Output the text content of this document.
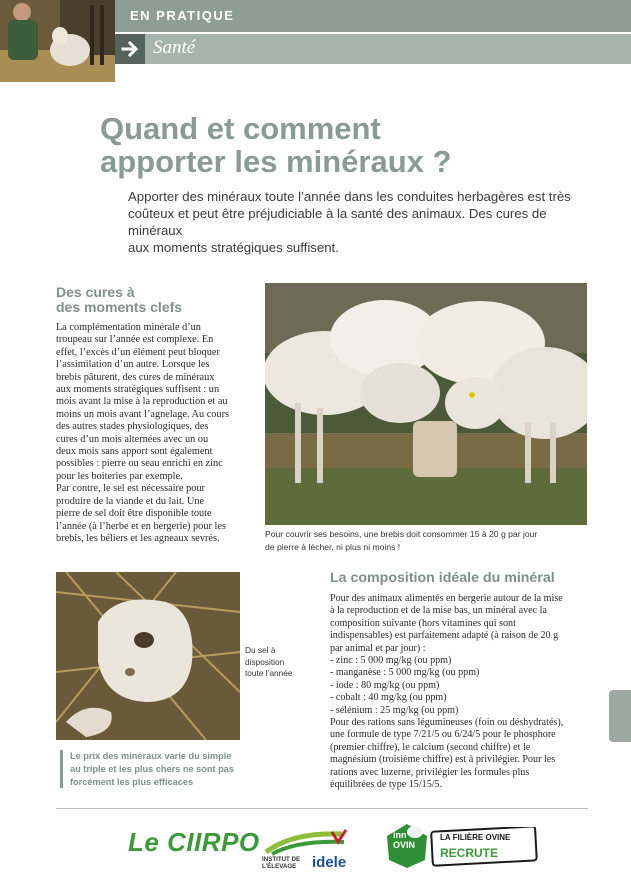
EN PRATIQUE
Santé
Quand et comment
apporter les minéraux ?
Apporter des minéraux toute l’année dans les conduites herbagères est très
coûteux et peut être préjudiciable à la santé des animaux. Des cures de minéraux
aux moments stratégiques suffisent.
Des cures à
des moments clefs
La complémentation minérale d’un
troupeau sur l’année est complexe. En
effet, l’excès d’un élément peut bloquer
l’assimilation d’un autre. Lorsque les
brebis pâturent, des cures de minéraux
aux moments stratégiques suffisent : un
mois avant la mise à la reproduction et au
moins un mois avant l’agnelage. Au cours
des autres stades physiologiques, des
cures d’un mois alternées avec un ou
deux mois sans apport sont également
possibles : pierre ou seau enrichi en zinc
pour les boiteries par exemple.
Par contre, le sel est nécessaire pour
produire de la viande et du lait. Une
pierre de sel doit être disponible toute
l’année (à l’herbe et en bergerie) pour les
brebis, les béliers et les agneaux sevrés.	Pour couvrir ses besoins, une brebis doit consommer 15 à 20 g par jour
de pierre à lécher, ni plus ni moins !
Du sel à
disposition
toute l’année
Le prix des minéraux varie du simple
au triple et les plus chers ne sont pas
forcément les plus efficaces
La composition idéale du minéral
Pour des animaux alimentés en bergerie autour de la mise
à la reproduction et de la mise bas, un minéral avec la
composition suivante (hors vitamines qui sont
indispensables) est parfaitement adapté (à raison de 20 g
par animal et par jour) :
- zinc : 5 000 mg/kg (ou ppm)
- manganèse : 5 000 mg/kg (ou ppm)
- iode : 80 mg/kg (ou ppm)
- cobalt : 40 mg/kg (ou ppm)
- sélénium : 25 mg/kg (ou ppm)
Pour des rations sans légumineuses (foin ou déshydratés),
une formule de type 7/21/5 ou 6/24/5 pour le phosphore
(premier chiffre), le calcium (second chiffre) et le
magnésium (troisième chiffre) est à privilégier. Pour les
rations avec luzerne, privilégier les formules plus
équilibrées de type 15/15/5.
Le CIIRPO
INSTITUT DE
L’ÉLEVAGE idele
inn’
OVIN
LA FILIÈRE OVINE
RECRUTE
